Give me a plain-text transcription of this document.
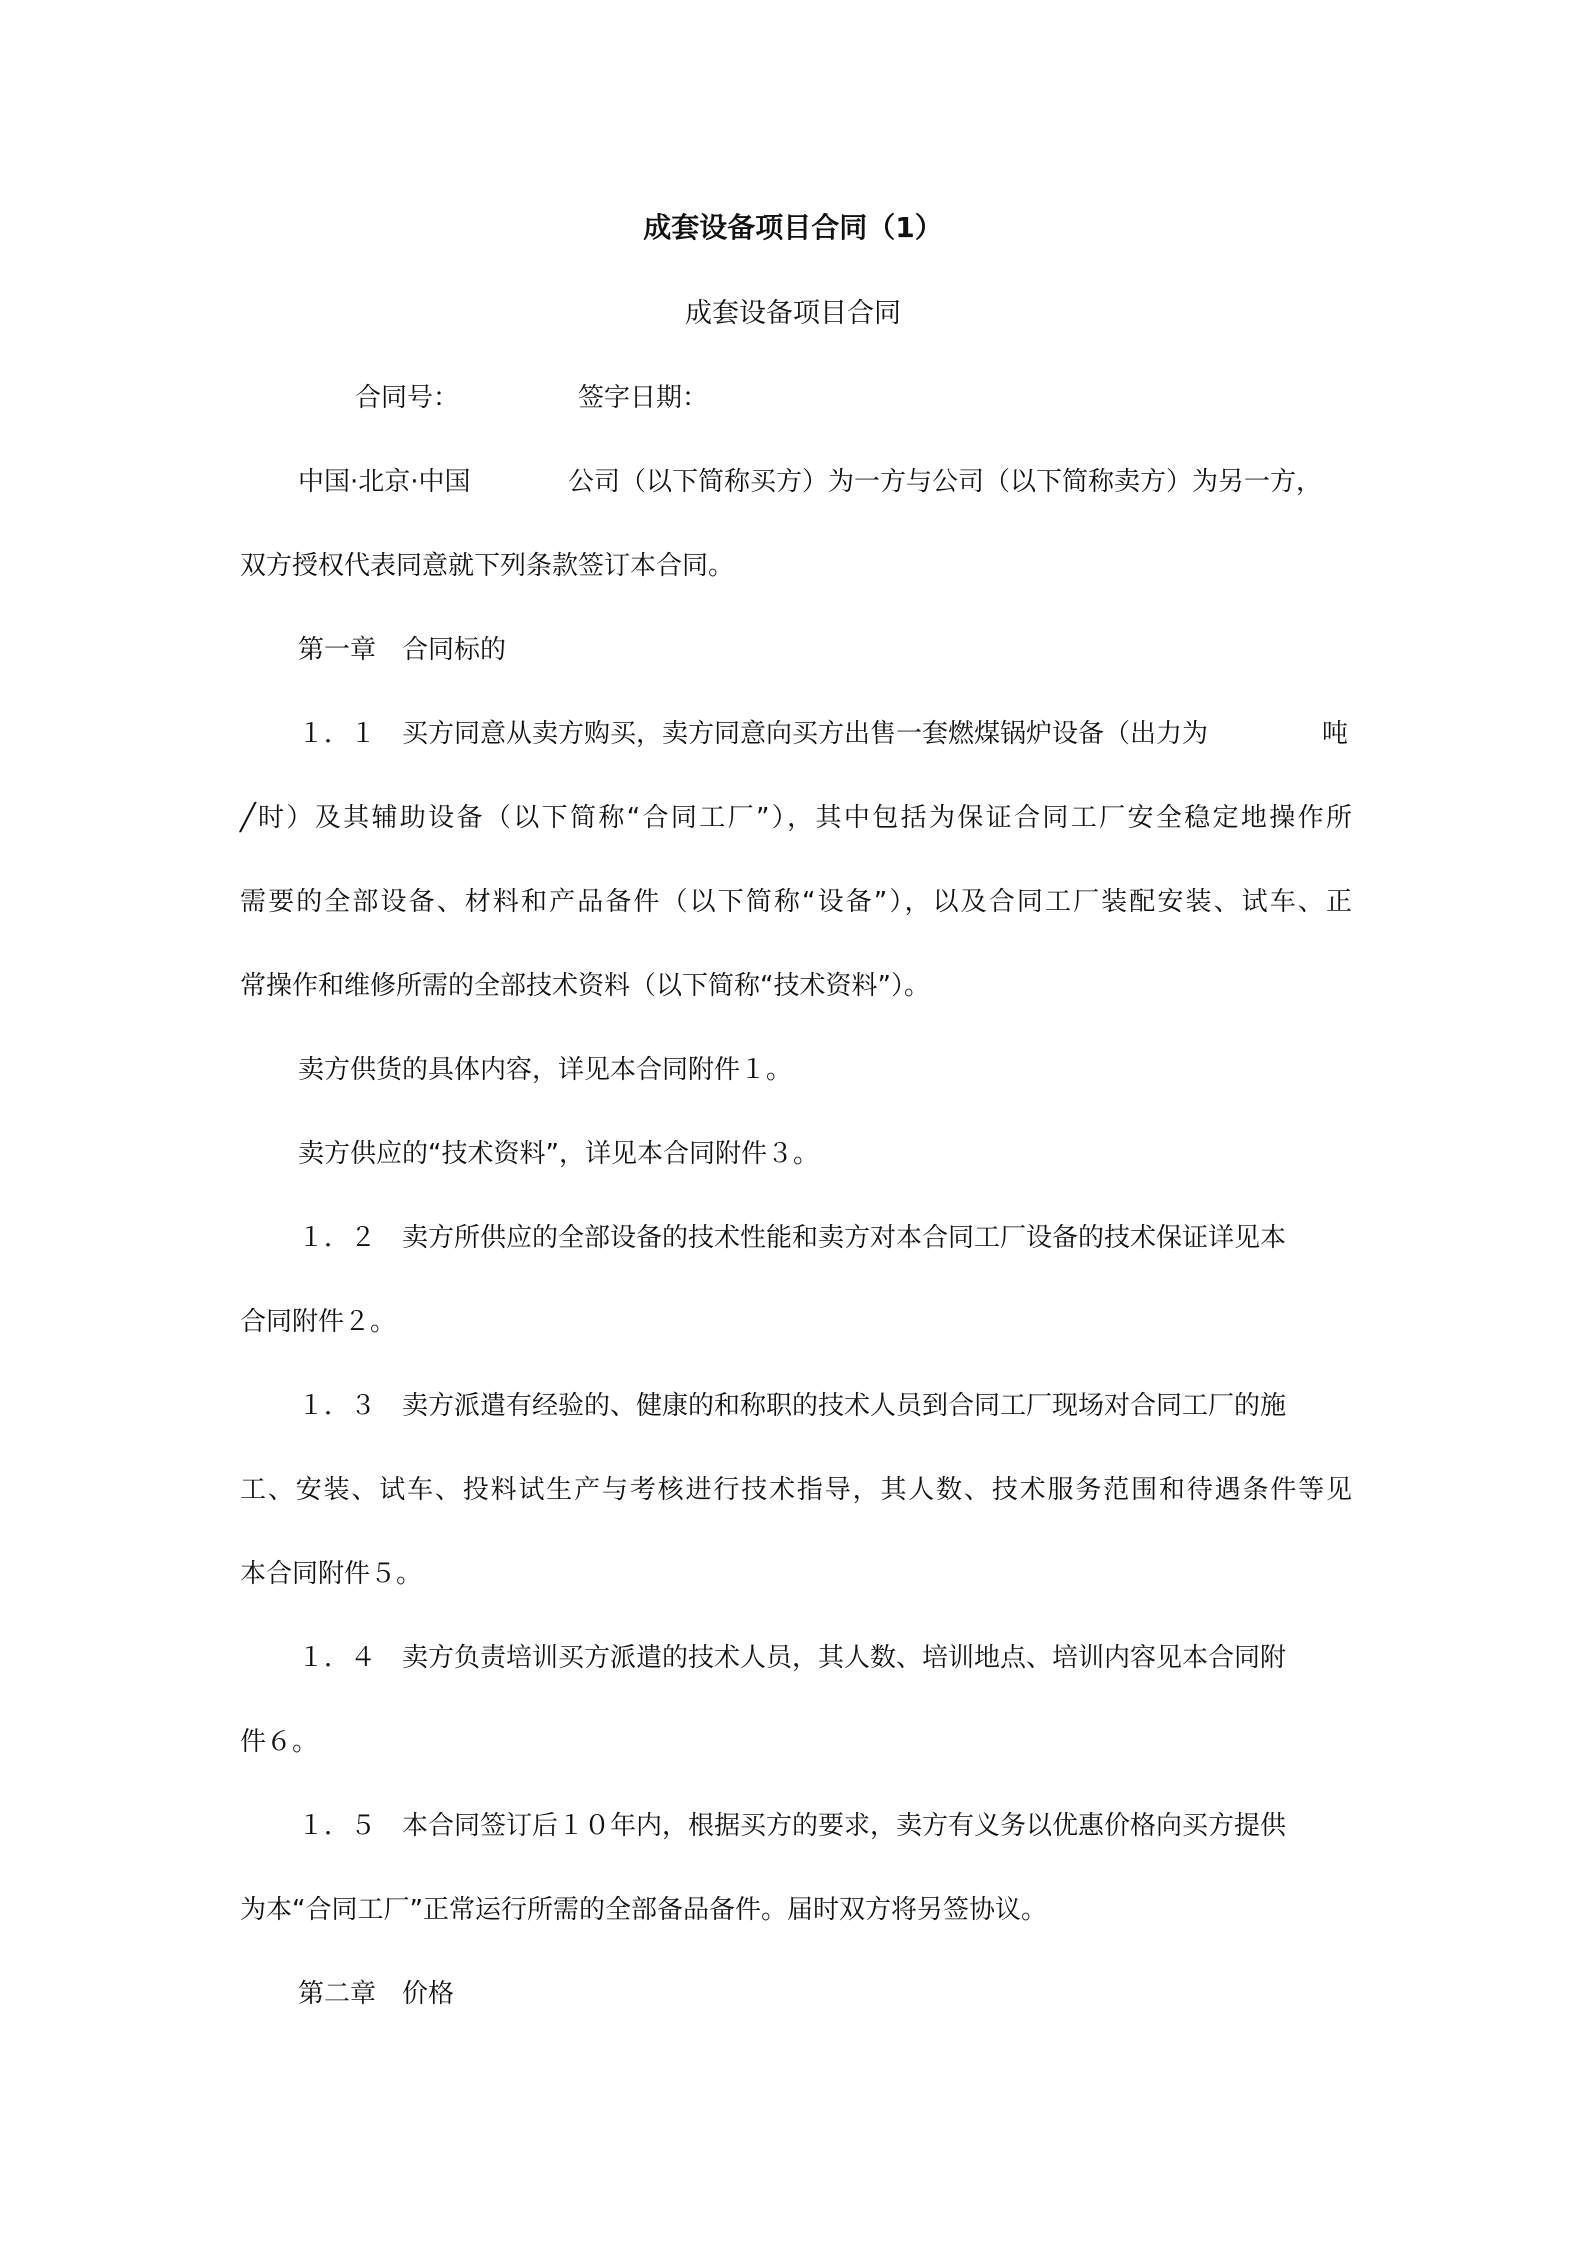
成套设备项目合同（1）
成套设备项目合同
合同号：	签字日期：
中国·北京·中国	公司（以下简称买方）为一方与公司（以下简称卖方）为另一方，
双方授权代表同意就下列条款签订本合同。
第一章　合同标的
１．１　买方同意从卖方购买，卖方同意向买方出售一套燃煤锅炉设备（出力为	吨
╱时）及其辅助设备（以下简称“合同工厂”），其中包括为保证合同工厂安全稳定地操作所
需要的全部设备、材料和产品备件（以下简称“设备”），以及合同工厂装配安装、试车、正
常操作和维修所需的全部技术资料（以下简称“技术资料”）。
卖方供货的具体内容，详见本合同附件１。
卖方供应的“技术资料”，详见本合同附件３。
１．２　卖方所供应的全部设备的技术性能和卖方对本合同工厂设备的技术保证详见本
合同附件２。
１．３　卖方派遣有经验的、健康的和称职的技术人员到合同工厂现场对合同工厂的施
工、安装、试车、投料试生产与考核进行技术指导，其人数、技术服务范围和待遇条件等见
本合同附件５。
１．４　卖方负责培训买方派遣的技术人员，其人数、培训地点、培训内容见本合同附
件６。
１．５　本合同签订后１０年内，根据买方的要求，卖方有义务以优惠价格向买方提供
为本“合同工厂”正常运行所需的全部备品备件。届时双方将另签协议。
第二章　价格
